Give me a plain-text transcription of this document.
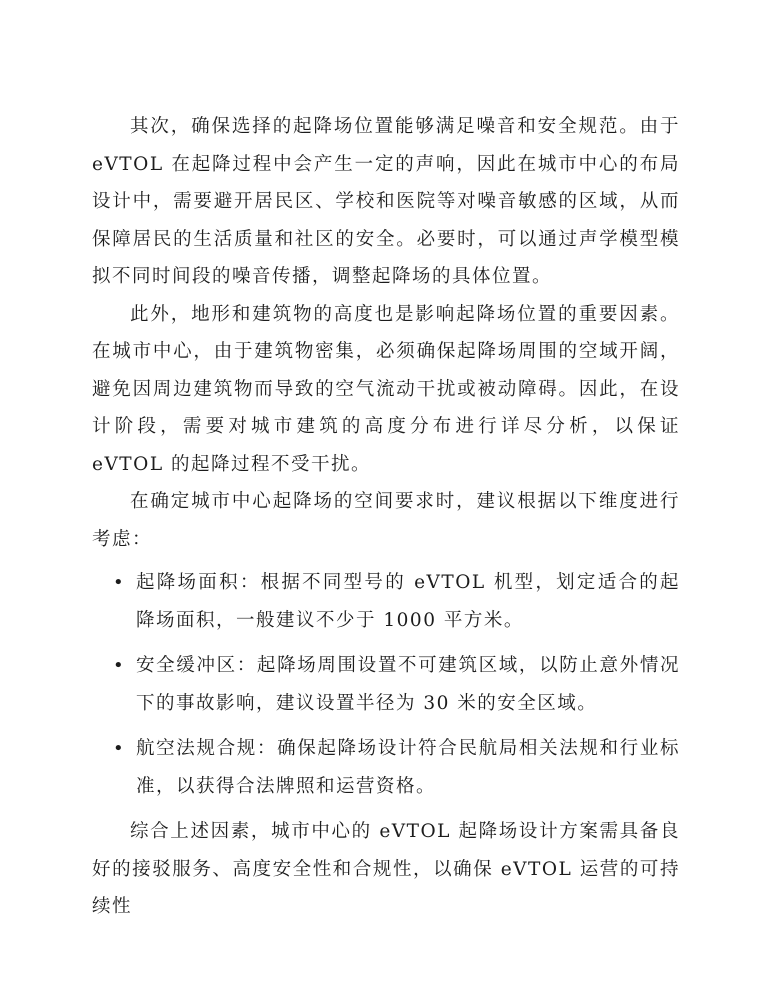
其次，确保选择的起降场位置能够满足噪音和安全规范。由于 eVTOL 在起降过程中会产生一定的声响，因此在城市中心的布局设计中，需要避开居民区、学校和医院等对噪音敏感的区域，从而保障居民的生活质量和社区的安全。必要时，可以通过声学模型模拟不同时间段的噪音传播，调整起降场的具体位置。

此外，地形和建筑物的高度也是影响起降场位置的重要因素。在城市中心，由于建筑物密集，必须确保起降场周围的空域开阔，避免因周边建筑物而导致的空气流动干扰或被动障碍。因此，在设计阶段，需要对城市建筑的高度分布进行详尽分析，以保证 eVTOL 的起降过程不受干扰。

在确定城市中心起降场的空间要求时，建议根据以下维度进行考虑：

• 起降场面积：根据不同型号的 eVTOL 机型，划定适合的起降场面积，一般建议不少于 1000 平方米。
• 安全缓冲区：起降场周围设置不可建筑区域，以防止意外情况下的事故影响，建议设置半径为 30 米的安全区域。
• 航空法规合规：确保起降场设计符合民航局相关法规和行业标准，以获得合法牌照和运营资格。

综合上述因素，城市中心的 eVTOL 起降场设计方案需具备良好的接驳服务、高度安全性和合规性，以确保 eVTOL 运营的可持续性
